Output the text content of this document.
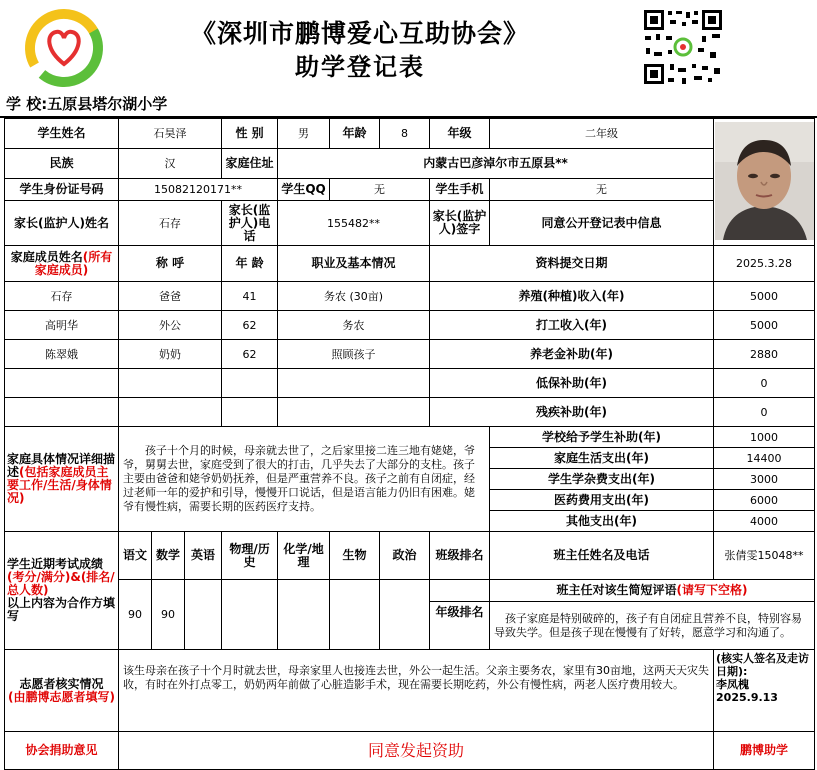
《深圳市鹏博爱心互助协会》
助学登记表
学 校:五原县塔尔湖小学
学生姓名	石昊泽			性 别	男	年龄	8	年级	二年级	
民族	汉			家庭住址	内蒙古巴彦淖尔市五原县**					
学生身份证号码	15082120171**				学生QQ	无		学生手机	无	
家长(监护人)姓名	石存			家长(监护人)电话	155482**			家长(监护人)签字	同意公开登记表中信息	
家庭成员姓名(所有家庭成员)	称 呼			年 龄	职业及基本情况			资料提交日期		2025.3.28
石存	爸爸			41	务农 (30亩)			养殖(种植)收入(年)		5000
高明华	外公			62	务农			打工收入(年)		5000
陈翠娥	奶奶			62	照顾孩子			养老金补助(年)		2880
								低保补助(年)		0
								残疾补助(年)		0
家庭具体情况详细描述(包括家庭成员主要工作/生活/身体情况)	孩子十个月的时候，母亲就去世了，之后家里接二连三地有姥姥，爷爷，舅舅去世，家庭受到了很大的打击，几乎失去了大部分的支柱。孩子主要由爸爸和姥爷奶奶抚养，但是严重营养不良。孩子之前有自闭症，经过老师一年的爱护和引导，慢慢开口说话，但是语言能力仍旧有困难。姥爷有慢性病，需要长期的医药医疗支持。								学校给予学生补助(年)	1000
									家庭生活支出(年)	14400
									学生学杂费支出(年)	3000
									医药费用支出(年)	6000
									其他支出(年)	4000
学生近期考试成绩(考分/满分)&(排名/总人数)
以上内容为合作方填写	语文	数学	英语	物理/历史	化学/地理	生物	政治	班级排名	班主任姓名及电话	张倩雯15048**
	90	90							班主任对该生简短评语(请写下空格)	
								年级排名	孩子家庭是特别破碎的，孩子有自闭症且营养不良，特别容易导致失学。但是孩子现在慢慢有了好转，愿意学习和沟通了。	
志愿者核实情况
(由鹏博志愿者填写)	该生母亲在孩子十个月时就去世，母亲家里人也接连去世，外公一起生活。父亲主要务农，家里有30亩地，这两天天灾失收，有时在外打点零工，奶奶两年前做了心脏造影手术，现在需要长期吃药，外公有慢性病，两老人医疗费用较大。									(核实人签名及走访日期):
李凤槐
2025.9.13
协会捐助意见	同意发起资助									鹏博助学
